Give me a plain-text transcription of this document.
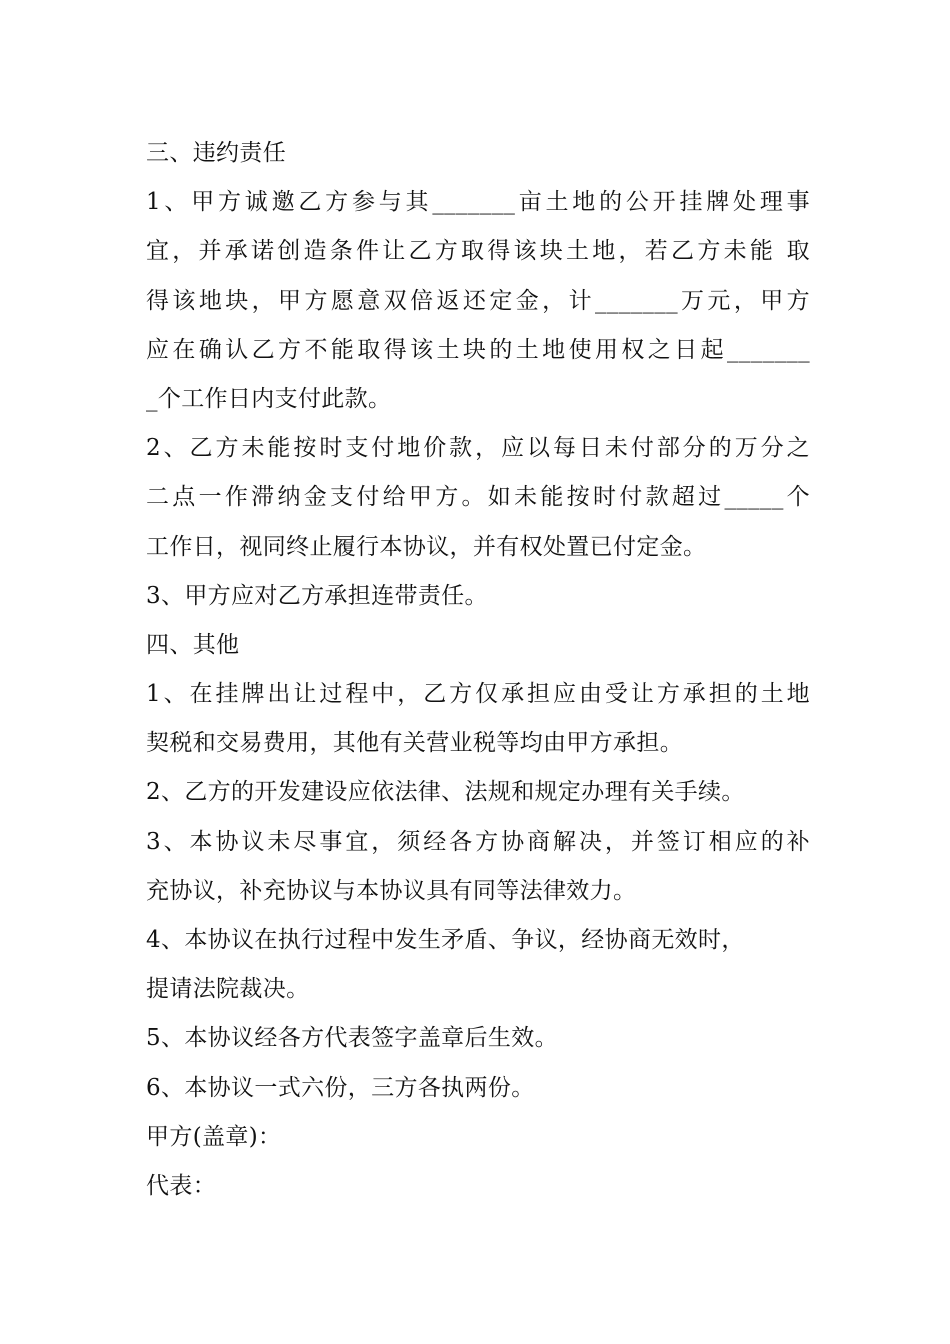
三、违约责任
1、甲方诚邀乙方参与其_______亩土地的公开挂牌处理事
宜，并承诺创造条件让乙方取得该块土地，若乙方未能 取
得该地块，甲方愿意双倍返还定金，计_______万元，甲方
应在确认乙方不能取得该土块的土地使用权之日起_______
_个工作日内支付此款。
2、乙方未能按时支付地价款，应以每日未付部分的万分之
二点一作滞纳金支付给甲方。如未能按时付款超过_____个
工作日，视同终止履行本协议，并有权处置已付定金。
3、甲方应对乙方承担连带责任。
四、其他
1、在挂牌出让过程中，乙方仅承担应由受让方承担的土地
契税和交易费用，其他有关营业税等均由甲方承担。
2、乙方的开发建设应依法律、法规和规定办理有关手续。
3、本协议未尽事宜，须经各方协商解决，并签订相应的补
充协议，补充协议与本协议具有同等法律效力。
4、本协议在执行过程中发生矛盾、争议，经协商无效时，
提请法院裁决。
5、本协议经各方代表签字盖章后生效。
6、本协议一式六份，三方各执两份。
甲方(盖章)：
代表：
